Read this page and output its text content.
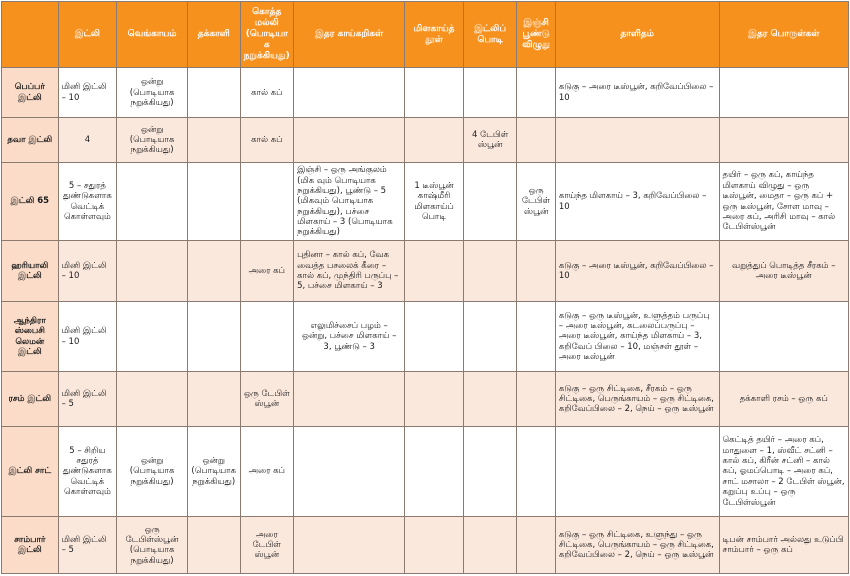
	இட்லி	வெங்காயம்	தக்காளி	கொத்த மல்லி (பொடியாக நறுக்கியது)	இதர காய்கறிகள்	மிளகாய்த் தூள்	இட்லிப் பொடி	இஞ்சி பூண்டு விழுது	தாளிதம்	இதர பொருள்கள்
பெப்பர் இட்லி	மினி இட்லி – 10	ஒன்று (பொடியாக நறுக்கியது)		கால் கப்					கடுகு – அரை டீஸ்பூன், கறிவேப்பிலை – 10	
தவா இட்லி	4	ஒன்று (பொடியாக நறுக்கியது)		கால் கப்			4 டேபிள் ஸ்பூன்			
இட்லி 65	5 – சதுரத் துண்டுகளாக வெட்டிக் கொள்ளவும்				இஞ்சி – ஒரு அங்குலம் (மிக வும் பொடியாக நறுக்கியது), பூண்டு – 5 (மிகவும் பொடியாக நறுக்கியது), பச்சை மிளகாய் – 3 (பொடியாக நறுக்கியது)	1 டீஸ்பூன் காஷ்மீரி மிளகாய்ப் பொடி		ஒரு டேபிள் ஸ்பூன்	காய்ந்த மிளகாய் – 3, கறிவேப்பிலை – 10	தயிர் – ஒரு கப், காய்ந்த மிளகாய் விழுது – ஒரு டீஸ்பூன், மைதா – ஒரு கப் + ஒரு டீஸ்பூன், சோள மாவு – அரை கப், அரிசி மாவு – கால் டேபிள்ஸ்பூன்
ஹரியாலி இட்லி	மினி இட்லி – 10			அரை கப்	புதினா – கால் கப், வேக வைத்த பசலைக் கீரை – கால் கப், முந்திரி பருப்பு – 5, பச்சை மிளகாய் – 3				கடுகு – அரை டீஸ்பூன், கறிவேப்பிலை – 10	வறுத்துப் பொடித்த சீரகம் – அரை டீஸ்பூன்
ஆந்திரா ஸ்பைசி லெமன் இட்லி	மினி இட்லி – 10				எலுமிச்சைப் பழம் – ஒன்று, பச்சை மிளகாய் – 3, பூண்டு – 3				கடுகு – ஒரு டீஸ்பூன், உளுத்தம் பருப்பு – அரை டீஸ்பூன், கடலைப்பருப்பு – அரை டீஸ்பூன், காய்ந்த மிளகாய் – 3, கறிவேப் பிலை – 10, மஞ்சள் தூள் – அரை டீஸ்பூன்	
ரசம் இட்லி	மினி இட்லி – 5			ஒரு டேபிள் ஸ்பூன்					கடுகு – ஒரு சிட்டிகை, சீரகம் – ஒரு சிட்டிகை, பெருங்காயம் – ஒரு சிட்டிகை, கறிவேப்பிலை – 2, நெய் – ஒரு டீஸ்பூன்	தக்காளி ரசம் – ஒரு கப்
இட்லி சாட்	5 – சிறிய சதுரத் துண்டுகளாக வெட்டிக் கொள்ளவும்	ஒன்று (பொடியாக நறுக்கியது)	ஒன்று (பொடியாக நறுக்கியது)	அரை கப்						கெட்டித் தயிர் – அரை கப், மாதுளை – 1, ஸ்வீட் சட்னி – கால் கப், கிரீன் சட்னி – கால் கப், ஓமப்பொடி – அரை கப், சாட் மசாலா – 2 டேபிள் ஸ்பூன், கறுப்பு உப்பு – ஒரு டேபிள்ஸ்பூன்
சாம்பார் இட்லி	மினி இட்லி – 5	ஒரு டேபிள்ஸ்பூன் (பொடியாக நறுக்கியது)		அரை டேபிள் ஸ்பூன்					கடுகு – ஒரு சிட்டிகை, உளுந்து – ஒரு சிட்டிகை, பெருங்காயம் – ஒரு சிட்டிகை, கறிவேப்பிலை – 2, நெய் – ஒரு டீஸ்பூன்	டிபன் சாம்பார் அல்லது உடுப்பி சாம்பார் – ஒரு கப்
